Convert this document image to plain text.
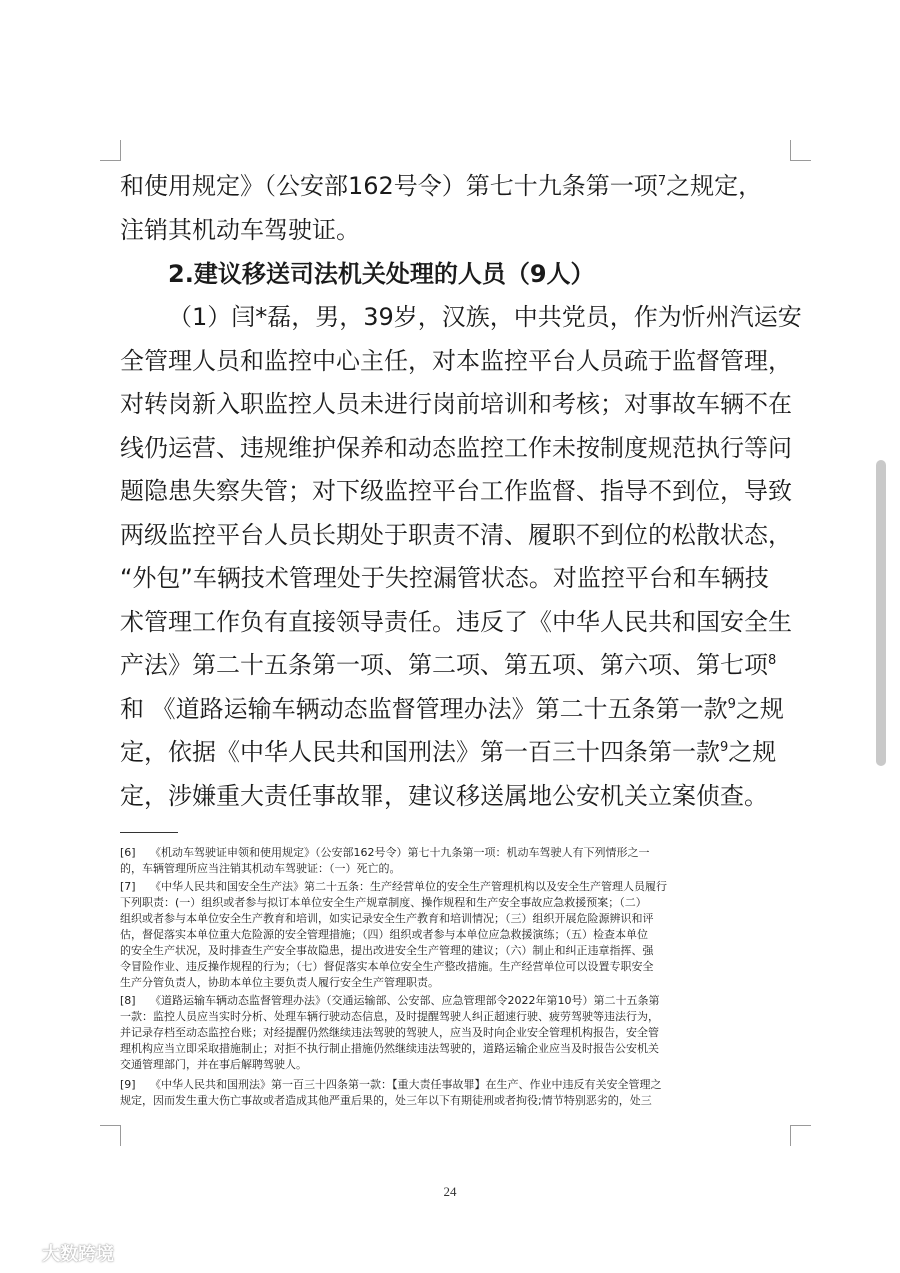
和使用规定》（公安部162号令）第七十九条第一项$^7$之规定，
注销其机动车驾驶证。
2.建议移送司法机关处理的人员（9人）
（1）闫*磊，男，39岁，汉族，中共党员，作为忻州汽运安
全管理人员和监控中心主任，对本监控平台人员疏于监督管理，
对转岗新入职监控人员未进行岗前培训和考核；对事故车辆不在
线仍运营、违规维护保养和动态监控工作未按制度规范执行等问
题隐患失察失管；对下级监控平台工作监督、指导不到位，导致
两级监控平台人员长期处于职责不清、履职不到位的松散状态，
“外包”车辆技术管理处于失控漏管状态。对监控平台和车辆技
术管理工作负有直接领导责任。违反了《中华人民共和国安全生
产法》第二十五条第一项、第二项、第五项、第六项、第七项$^8$
和 《道路运输车辆动态监督管理办法》第二十五条第一款$^9$之规
定，依据《中华人民共和国刑法》第一百三十四条第一款$^9$之规
定，涉嫌重大责任事故罪，建议移送属地公安机关立案侦查。
[6] 《机动车驾驶证申领和使用规定》（公安部162号令）第七十九条第一项：机动车驾驶人有下列情形之一
的，车辆管理所应当注销其机动车驾驶证：（一）死亡的。
[7] 《中华人民共和国安全生产法》第二十五条：生产经营单位的安全生产管理机构以及安全生产管理人员履行
下列职责：(一）组织或者参与拟订本单位安全生产规章制度、操作规程和生产安全事故应急救援预案；（二）
组织或者参与本单位安全生产教育和培训，如实记录安全生产教育和培训情况；（三）组织开展危险源辨识和评
估，督促落实本单位重大危险源的安全管理措施；（四）组织或者参与本单位应急救援演练；（五）检查本单位
的安全生产状况，及时排查生产安全事故隐患，提出改进安全生产管理的建议；（六）制止和纠正违章指挥、强
令冒险作业、违反操作规程的行为；（七）督促落实本单位安全生产整改措施。生产经营单位可以设置专职安全
生产分管负责人，协助本单位主要负责人履行安全生产管理职责。
[8] 《道路运输车辆动态监督管理办法》（交通运输部、公安部、应急管理部令2022年第10号）第二十五条第
一款：监控人员应当实时分析、处理车辆行驶动态信息，及时提醒驾驶人纠正超速行驶、疲劳驾驶等违法行为，
并记录存档至动态监控台账；对经提醒仍然继续违法驾驶的驾驶人，应当及时向企业安全管理机构报告，安全管
理机构应当立即采取措施制止；对拒不执行制止措施仍然继续违法驾驶的，道路运输企业应当及时报告公安机关
交通管理部门，并在事后解聘驾驶人。
[9] 《中华人民共和国刑法》第一百三十四条第一款：【重大责任事故罪】在生产、作业中违反有关安全管理之
规定，因而发生重大伤亡事故或者造成其他严重后果的，处三年以下有期徒刑或者拘役;情节特别恶劣的，处三
24
大数跨境
